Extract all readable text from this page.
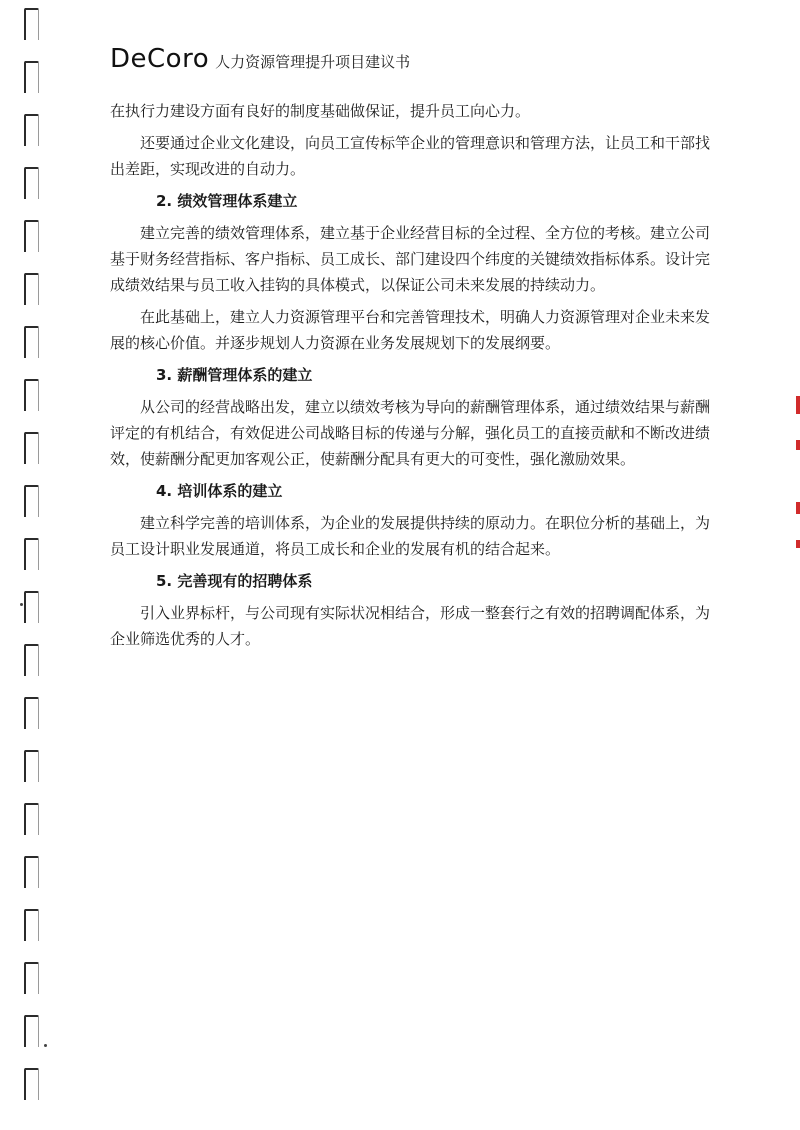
DeCoro 人力资源管理提升项目建议书

在执行力建设方面有良好的制度基础做保证，提升员工向心力。

还要通过企业文化建设，向员工宣传标竿企业的管理意识和管理方法，让员工和干部找出差距，实现改进的自动力。

2. 绩效管理体系建立

建立完善的绩效管理体系，建立基于企业经营目标的全过程、全方位的考核。建立公司基于财务经营指标、客户指标、员工成长、部门建设四个纬度的关键绩效指标体系。设计完成绩效结果与员工收入挂钩的具体模式，以保证公司未来发展的持续动力。

在此基础上，建立人力资源管理平台和完善管理技术，明确人力资源管理对企业未来发展的核心价值。并逐步规划人力资源在业务发展规划下的发展纲要。

3. 薪酬管理体系的建立

从公司的经营战略出发，建立以绩效考核为导向的薪酬管理体系，通过绩效结果与薪酬评定的有机结合，有效促进公司战略目标的传递与分解，强化员工的直接贡献和不断改进绩效，使薪酬分配更加客观公正，使薪酬分配具有更大的可变性，强化激励效果。

4. 培训体系的建立

建立科学完善的培训体系，为企业的发展提供持续的原动力。在职位分析的基础上，为员工设计职业发展通道，将员工成长和企业的发展有机的结合起来。

5. 完善现有的招聘体系

引入业界标杆，与公司现有实际状况相结合，形成一整套行之有效的招聘调配体系，为企业筛选优秀的人才。
